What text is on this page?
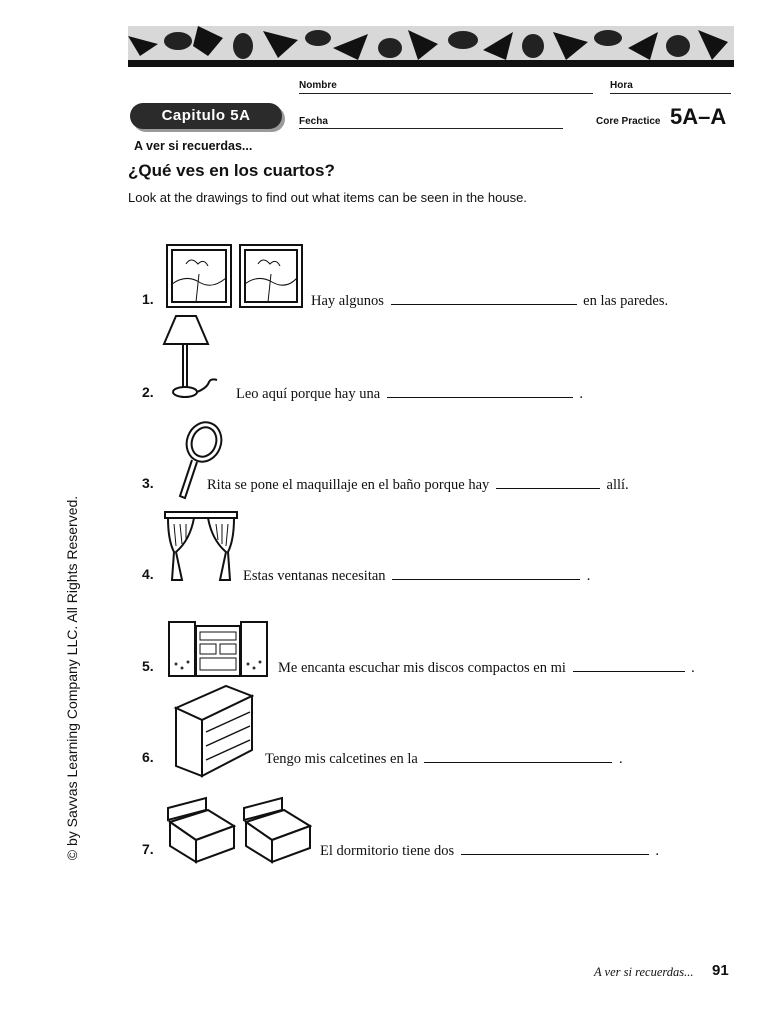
Nombre	Hora
Capitulo 5A	Fecha	Core Practice 5A–A
A ver si recuerdas...
¿Qué ves en los cuartos?
Look at the drawings to find out what items can be seen in the house.
1.	Hay algunos	en las paredes.
2.	Leo aquí porque hay una	.
3.	Rita se pone el maquillaje en el baño porque hay	allí.
4.	Estas ventanas necesitan	.
5.	Me encanta escuchar mis discos compactos en mi	.
6.	Tengo mis calcetines en la	.
7.	El dormitorio tiene dos	.
© by Savvas Learning Company LLC. All Rights Reserved.
A ver si recuerdas... 91
